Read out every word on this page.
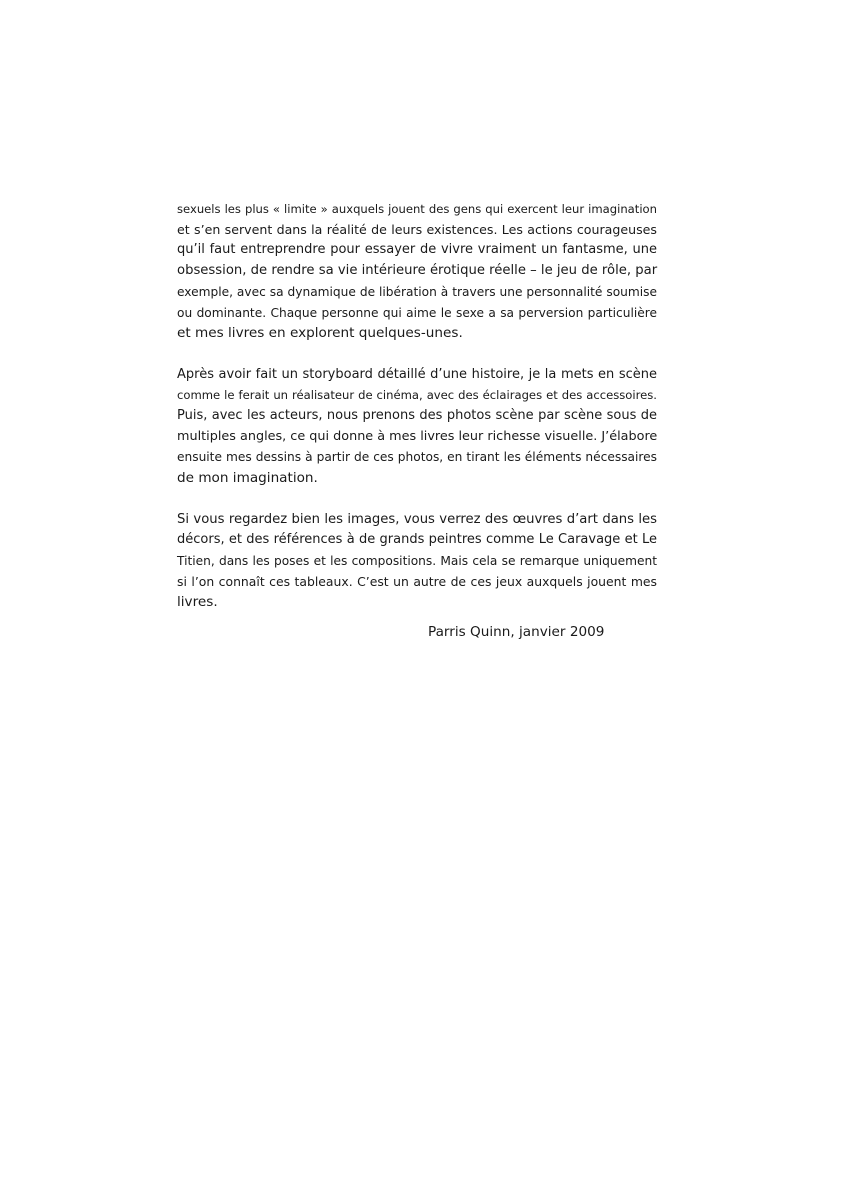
sexuels les plus « limite » auxquels jouent des gens qui exercent leur imagination
et s’en servent dans la réalité de leurs existences. Les actions courageuses
qu’il faut entreprendre pour essayer de vivre vraiment un fantasme, une
obsession, de rendre sa vie intérieure érotique réelle – le jeu de rôle, par
exemple, avec sa dynamique de libération à travers une personnalité soumise
ou dominante. Chaque personne qui aime le sexe a sa perversion particulière
et mes livres en explorent quelques-unes.

Après avoir fait un storyboard détaillé d’une histoire, je la mets en scène
comme le ferait un réalisateur de cinéma, avec des éclairages et des accessoires.
Puis, avec les acteurs, nous prenons des photos scène par scène sous de
multiples angles, ce qui donne à mes livres leur richesse visuelle. J’élabore
ensuite mes dessins à partir de ces photos, en tirant les éléments nécessaires
de mon imagination.

Si vous regardez bien les images, vous verrez des œuvres d’art dans les
décors, et des références à de grands peintres comme Le Caravage et Le
Titien, dans les poses et les compositions. Mais cela se remarque uniquement
si l’on connaît ces tableaux. C’est un autre de ces jeux auxquels jouent mes
livres.

Parris Quinn, janvier 2009
